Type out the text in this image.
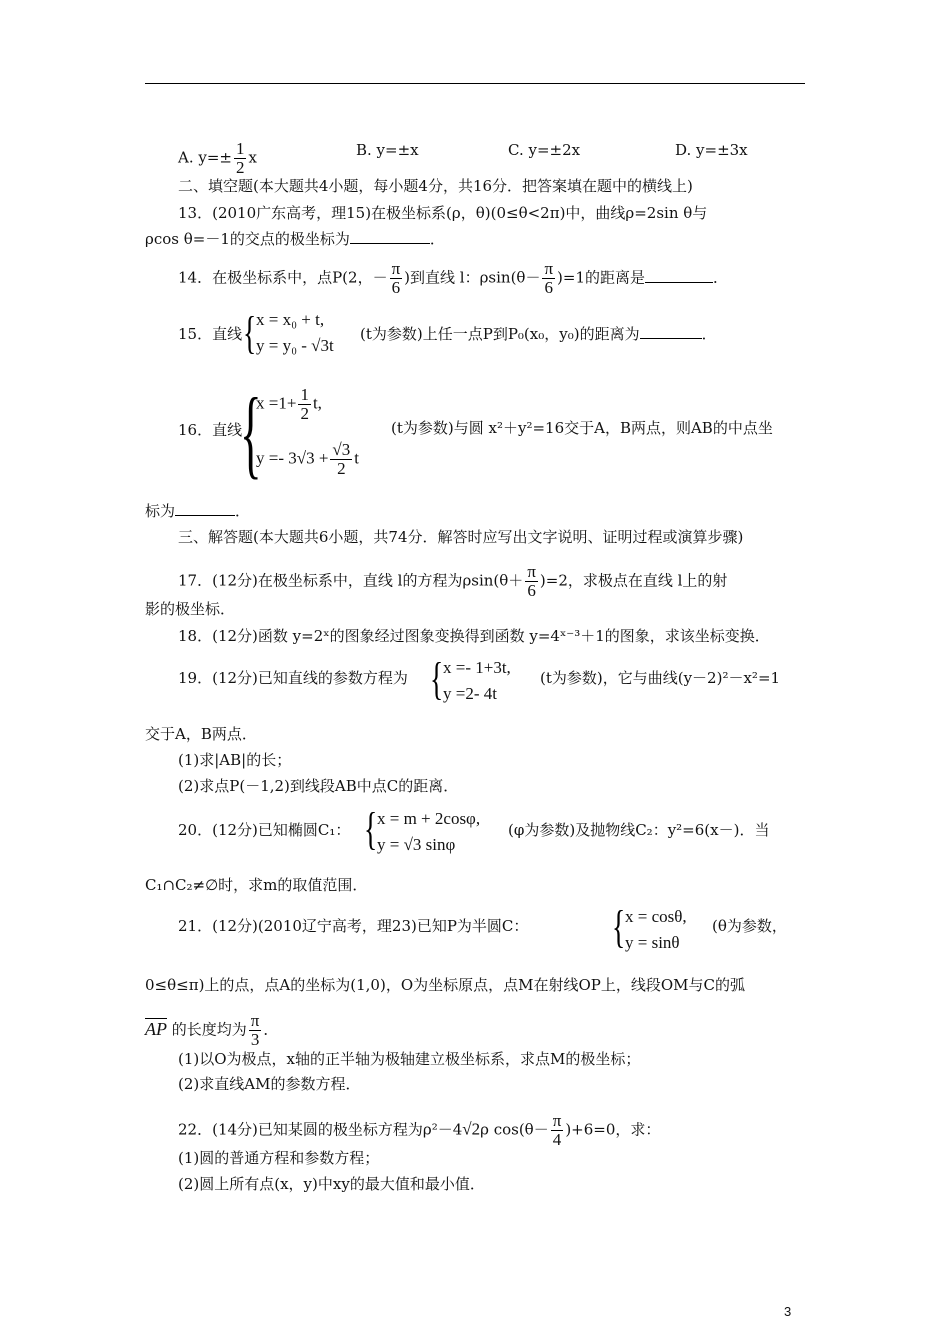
A. $y=\pm \frac{1}{2}$ x	B. y=±x	C. y=±2x	D. y=±3x
二、填空题(本大题共4小题，每小题4分，共16分．把答案填在题中的横线上)
13．(2010广东高考，理15)在极坐标系(ρ，θ)(0≤θ<2π)中，曲线ρ=2sin θ与
ρcos θ=－1的交点的极坐标为	．
14．在极坐标系中，点P(2，－ $\frac{\pi}{6}$ )到直线 l：$\rho\sin(\theta- \frac{\pi}{6} )=1$的距离是	．
15．直线 { x = x₀ + t,
y = y₀ - √3t
(t为参数)上任一点P到P₀(x₀，y₀)的距离为	．
16．直线
{
$x =1+ \frac{1}{2} t$,
$y =- 3√3 + \frac{√3}{2}$ t
(t为参数)与圆 x²＋y²=16交于A，B两点，则AB的中点坐
标为	．
三、解答题(本大题共6小题，共74分．解答时应写出文字说明、证明过程或演算步骤)
17．(12分)在极坐标系中，直线 l的方程为$\rho\sin(\theta+ \frac{\pi}{6} )=2$，求极点在直线 l上的射
影的极坐标．
18．(12分)函数 y=2ˣ的图象经过图象变换得到函数 y=4ˣ⁻³＋1的图象，求该坐标变换．
19．(12分)已知直线的参数方程为 { x =- 1+3t,
y =2- 4t
(t为参数)，它与曲线(y－2)²－x²=1
交于A，B两点．
(1)求|AB|的长；
(2)求点P(－1,2)到线段AB中点C的距离．
20．(12分)已知椭圆C₁： { x = m + 2cosφ,
y = √3 sinφ
(φ为参数)及抛物线C₂：y²=6(x－)．当
C₁∩C₂≠∅时，求m的取值范围．
21．(12分)(2010辽宁高考，理23)已知P为半圆C： { x = cosθ,
y = sinθ
(θ为参数，
0≤θ≤π)上的点，点A的坐标为(1,0)，O为坐标原点，点M在射线OP上，线段OM与C的弧
AP 的长度均为 $\frac{\pi}{3}$ ．
(1)以O为极点，x轴的正半轴为极轴建立极坐标系，求点M的极坐标；
(2)求直线AM的参数方程．
22．(14分)已知某圆的极坐标方程为ρ²－4√2ρ $\cos(\theta- \frac{\pi}{4} )+6=0$，求：
(1)圆的普通方程和参数方程；
(2)圆上所有点(x，y)中xy的最大值和最小值．
3
